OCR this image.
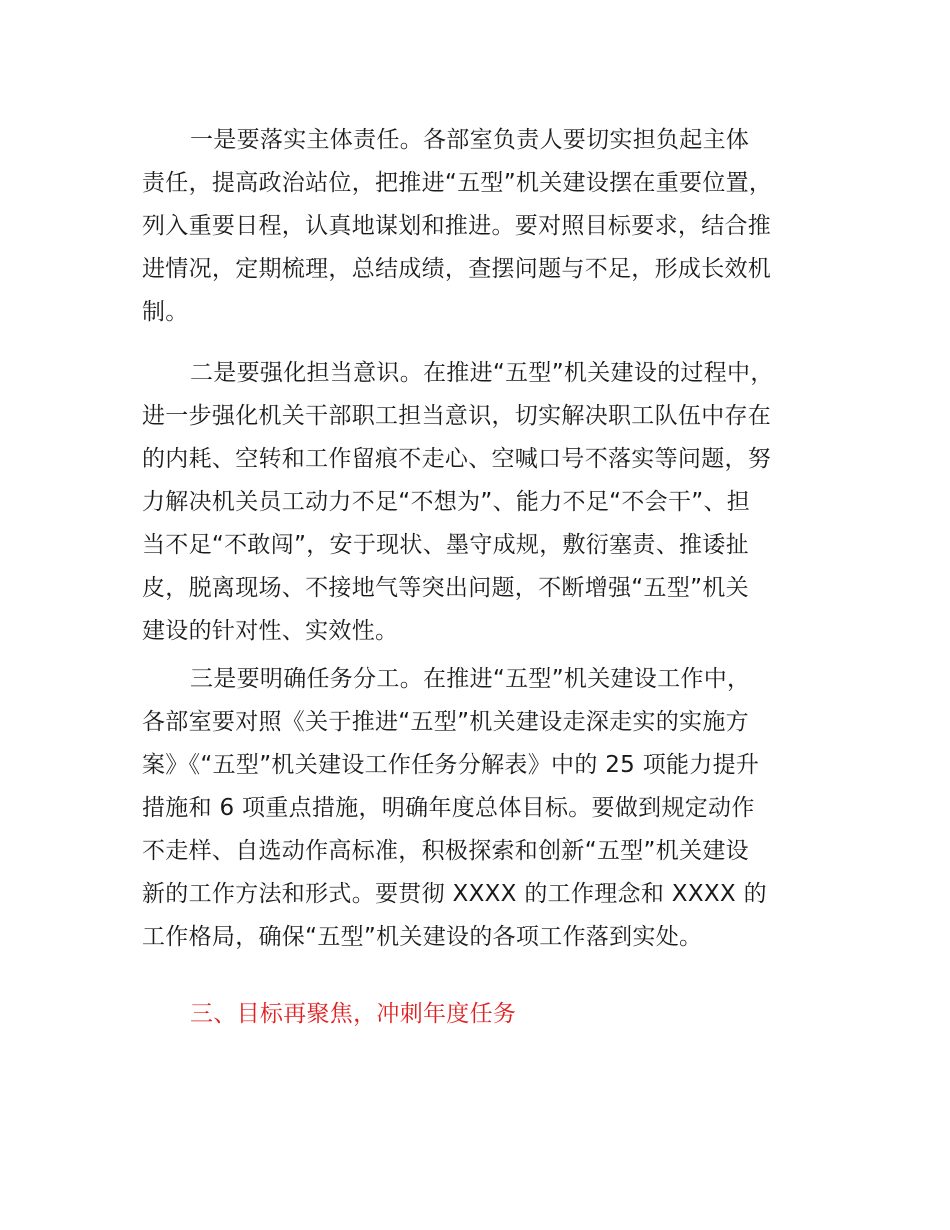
一是要落实主体责任。各部室负责人要切实担负起主体
责任，提高政治站位，把推进“五型”机关建设摆在重要位置，
列入重要日程，认真地谋划和推进。要对照目标要求，结合推
进情况，定期梳理，总结成绩，查摆问题与不足，形成长效机
制。
二是要强化担当意识。在推进“五型”机关建设的过程中，
进一步强化机关干部职工担当意识，切实解决职工队伍中存在
的内耗、空转和工作留痕不走心、空喊口号不落实等问题，努
力解决机关员工动力不足“不想为”、能力不足“不会干”、担
当不足“不敢闯”，安于现状、墨守成规，敷衍塞责、推诿扯
皮，脱离现场、不接地气等突出问题，不断增强“五型”机关
建设的针对性、实效性。
三是要明确任务分工。在推进“五型”机关建设工作中，
各部室要对照《关于推进“五型”机关建设走深走实的实施方
案》《“五型”机关建设工作任务分解表》中的 25 项能力提升
措施和 6 项重点措施，明确年度总体目标。要做到规定动作
不走样、自选动作高标准，积极探索和创新“五型”机关建设
新的工作方法和形式。要贯彻 XXXX 的工作理念和 XXXX 的
工作格局，确保“五型”机关建设的各项工作落到实处。
三、目标再聚焦，冲刺年度任务
